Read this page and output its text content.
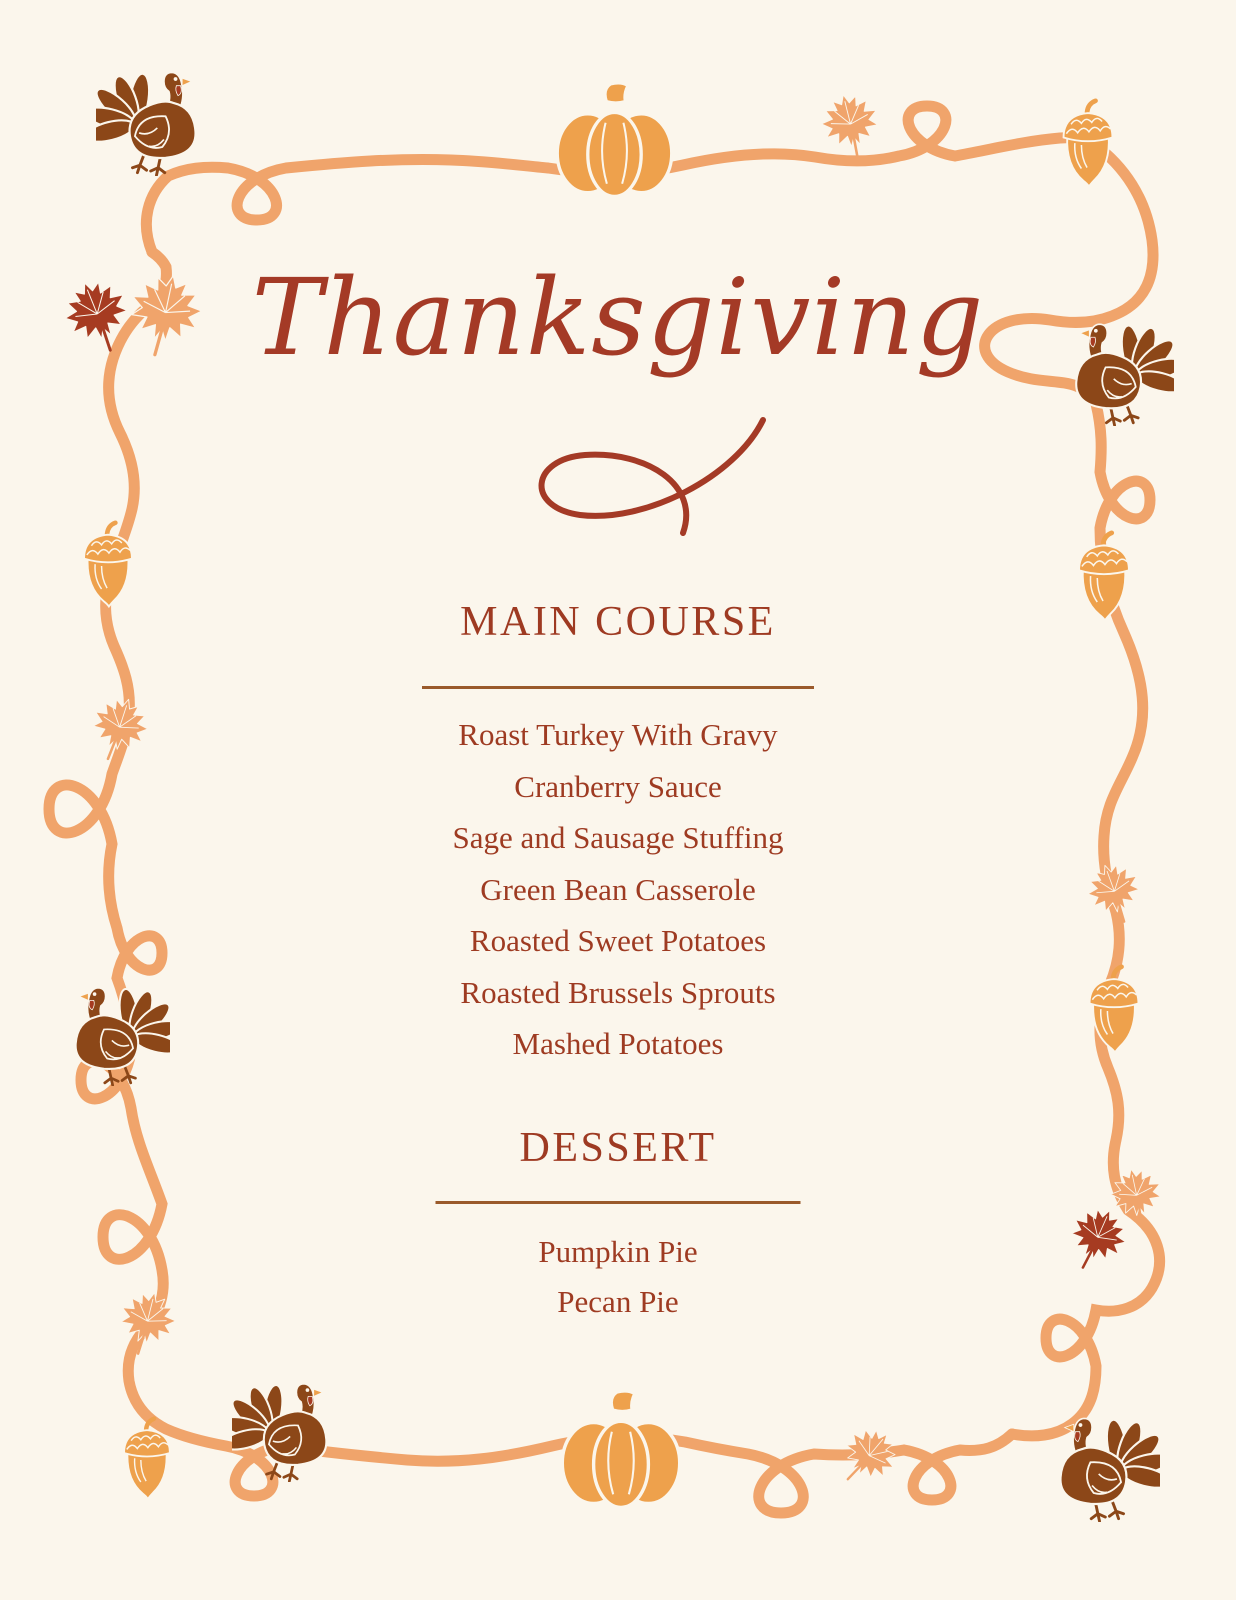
Thanksgiving
MAIN COURSE
Roast Turkey With Gravy
Cranberry Sauce
Sage and Sausage Stuffing
Green Bean Casserole
Roasted Sweet Potatoes
Roasted Brussels Sprouts
Mashed Potatoes
DESSERT
Pumpkin Pie
Pecan Pie
